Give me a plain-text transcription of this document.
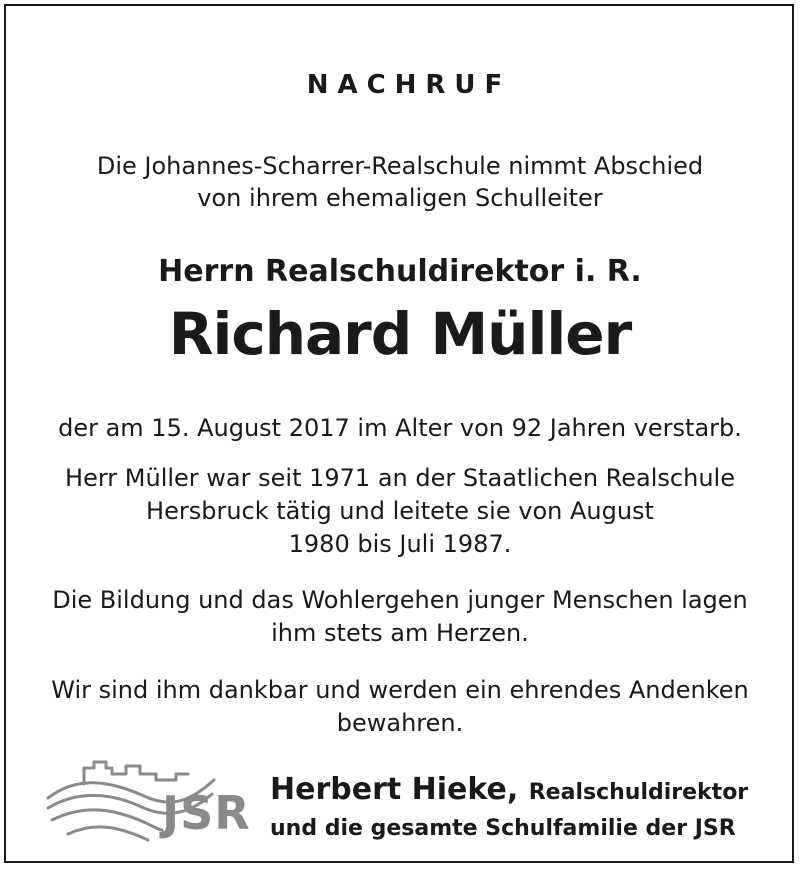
NACHRUF
Die Johannes-Scharrer-Realschule nimmt Abschied
von ihrem ehemaligen Schulleiter
Herrn Realschuldirektor i. R.
Richard Müller
der am 15. August 2017 im Alter von 92 Jahren verstarb.
Herr Müller war seit 1971 an der Staatlichen Realschule
Hersbruck tätig und leitete sie von August
1980 bis Juli 1987.
Die Bildung und das Wohlergehen junger Menschen lagen
ihm stets am Herzen.
Wir sind ihm dankbar und werden ein ehrendes Andenken
bewahren.
JSR Herbert Hieke, Realschuldirektor
und die gesamte Schulfamilie der JSR
